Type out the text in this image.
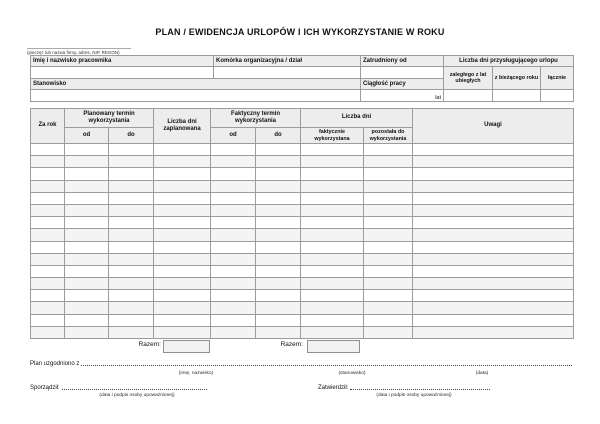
PLAN / EWIDENCJA URLOPÓW I ICH WYKORZYSTANIE W ROKU
(pieczęć lub nazwa firmy, adres, NIP, REGON)
Imię i nazwisko pracownika	Komórka organizacyjna / dział	Zatrudniony od	Liczba dni przysługującego urlopu		
			zaległego z lat ubiegłych	z bieżącego roku	łącznie
Stanowisko		Ciągłość pracy			
		lat			
Za rok	Planowany termin wykorzystania		Liczba dni zaplanowana	Faktyczny termin wykorzystania		Liczba dni		Uwagi
	od	do		od	do	faktycznie wykorzystana	pozostała do wykorzystania	

Razem:	Razem:
Plan uzgodniono z
(imię, nazwisko)	(stanowisko)	(data)
Sporządził:
(data i podpis osoby upoważnionej)
Zatwierdził:
(data i podpis osoby upoważnionej)
